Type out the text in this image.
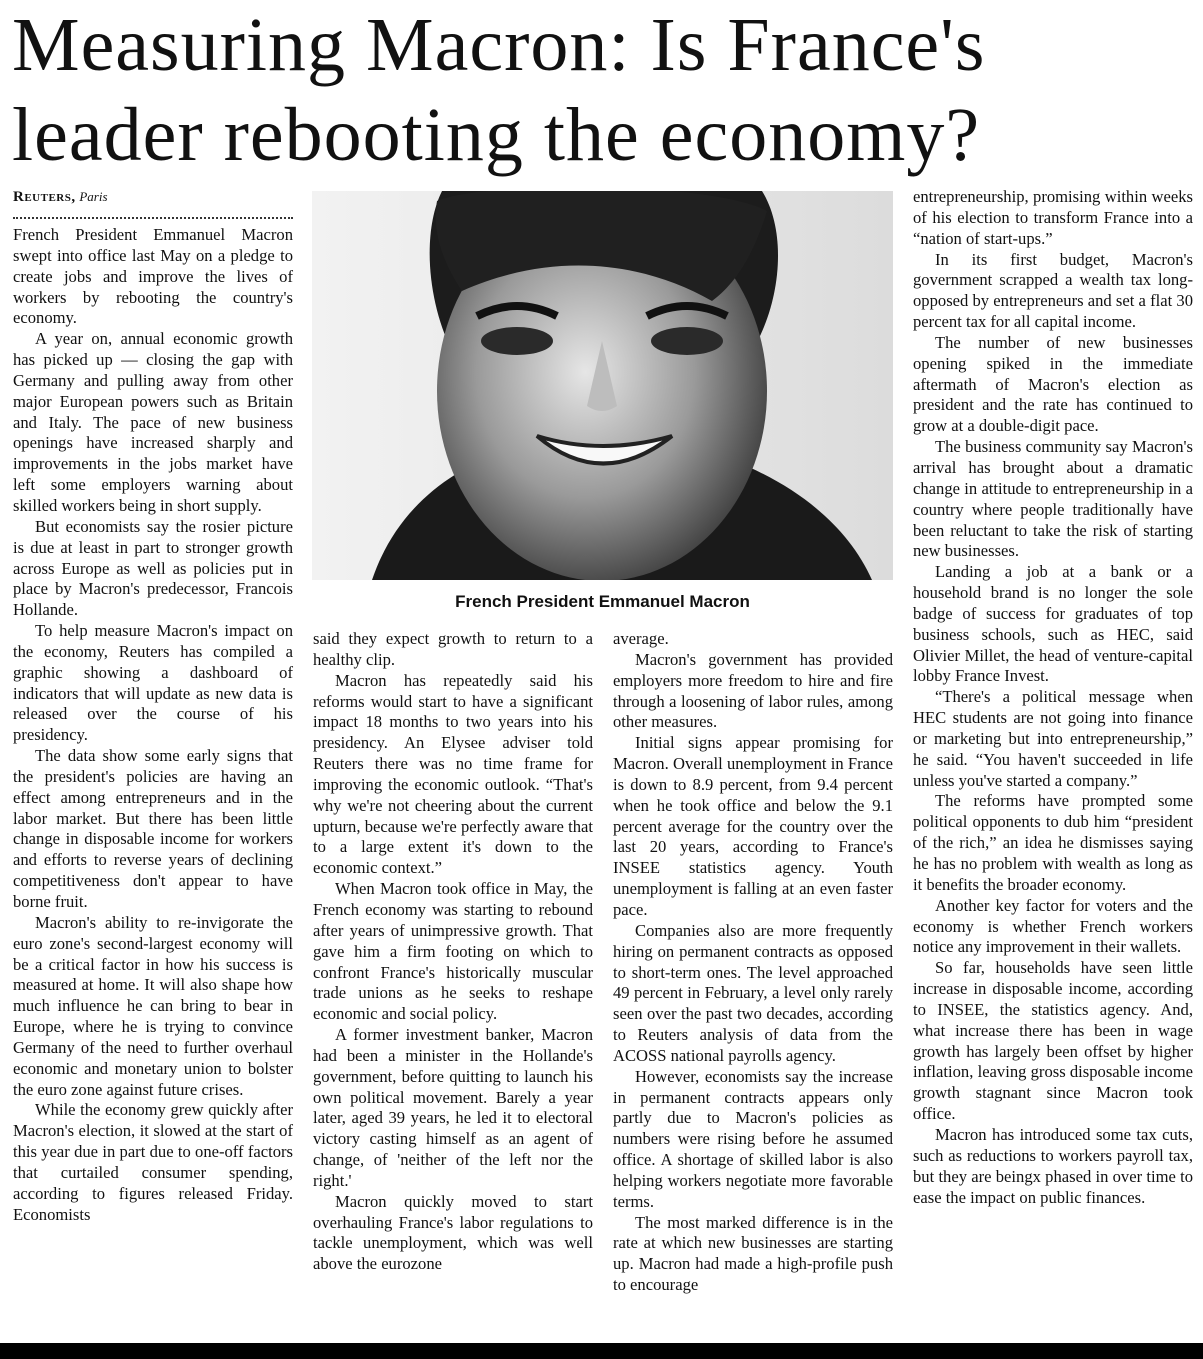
Measuring Macron: Is France's leader rebooting the economy?
Reuters, Paris

French President Emmanuel Macron swept into office last May on a pledge to create jobs and improve the lives of workers by rebooting the country's economy.

A year on, annual economic growth has picked up — closing the gap with Germany and pulling away from other major European powers such as Britain and Italy. The pace of new business openings have increased sharply and improvements in the jobs market have left some employers warning about skilled workers being in short supply.

But economists say the rosier picture is due at least in part to stronger growth across Europe as well as policies put in place by Macron's predecessor, Francois Hollande.

To help measure Macron's impact on the economy, Reuters has compiled a graphic showing a dashboard of indicators that will update as new data is released over the course of his presidency.

The data show some early signs that the president's policies are having an effect among entrepreneurs and in the labor market. But there has been little change in disposable income for workers and efforts to reverse years of declining competitiveness don't appear to have borne fruit.

Macron's ability to re-invigorate the euro zone's second-largest economy will be a critical factor in how his success is measured at home. It will also shape how much influence he can bring to bear in Europe, where he is trying to convince Germany of the need to further overhaul economic and monetary union to bolster the euro zone against future crises.

While the economy grew quickly after Macron's election, it slowed at the start of this year due in part due to one-off factors that curtailed consumer spending, according to figures released Friday. Economists

French President Emmanuel Macron

said they expect growth to return to a healthy clip.

Macron has repeatedly said his reforms would start to have a significant impact 18 months to two years into his presidency. An Elysee adviser told Reuters there was no time frame for improving the economic outlook. “That's why we're not cheering about the current upturn, because we're perfectly aware that to a large extent it's down to the economic context.”

When Macron took office in May, the French economy was starting to rebound after years of unimpressive growth. That gave him a firm footing on which to confront France's historically muscular trade unions as he seeks to reshape economic and social policy.

A former investment banker, Macron had been a minister in the Hollande's government, before quitting to launch his own political movement. Barely a year later, aged 39 years, he led it to electoral victory casting himself as an agent of change, of 'neither of the left nor the right.'

Macron quickly moved to start overhauling France's labor regulations to tackle unemployment, which was well above the eurozone

average.

Macron's government has provided employers more freedom to hire and fire through a loosening of labor rules, among other measures.

Initial signs appear promising for Macron. Overall unemployment in France is down to 8.9 percent, from 9.4 percent when he took office and below the 9.1 percent average for the country over the last 20 years, according to France's INSEE statistics agency. Youth unemployment is falling at an even faster pace.

Companies also are more frequently hiring on permanent contracts as opposed to short-term ones. The level approached 49 percent in February, a level only rarely seen over the past two decades, according to Reuters analysis of data from the ACOSS national payrolls agency.

However, economists say the increase in permanent contracts appears only partly due to Macron's policies as numbers were rising before he assumed office. A shortage of skilled labor is also helping workers negotiate more favorable terms.

The most marked difference is in the rate at which new businesses are starting up. Macron had made a high-profile push to encourage

entrepreneurship, promising within weeks of his election to transform France into a “nation of start-ups.”

In its first budget, Macron's government scrapped a wealth tax long-opposed by entrepreneurs and set a flat 30 percent tax for all capital income.

The number of new businesses opening spiked in the immediate aftermath of Macron's election as president and the rate has continued to grow at a double-digit pace.

The business community say Macron's arrival has brought about a dramatic change in attitude to entrepreneurship in a country where people traditionally have been reluctant to take the risk of starting new businesses.

Landing a job at a bank or a household brand is no longer the sole badge of success for graduates of top business schools, such as HEC, said Olivier Millet, the head of venture-capital lobby France Invest.

“There's a political message when HEC students are not going into finance or marketing but into entrepreneurship,” he said. “You haven't succeeded in life unless you've started a company.”

The reforms have prompted some political opponents to dub him “president of the rich,” an idea he dismisses saying he has no problem with wealth as long as it benefits the broader economy.

Another key factor for voters and the economy is whether French workers notice any improvement in their wallets.

So far, households have seen little increase in disposable income, according to INSEE, the statistics agency. And, what increase there has been in wage growth has largely been offset by higher inflation, leaving gross disposable income growth stagnant since Macron took office.

Macron has introduced some tax cuts, such as reductions to workers payroll tax, but they are beingx phased in over time to ease the impact on public finances.
